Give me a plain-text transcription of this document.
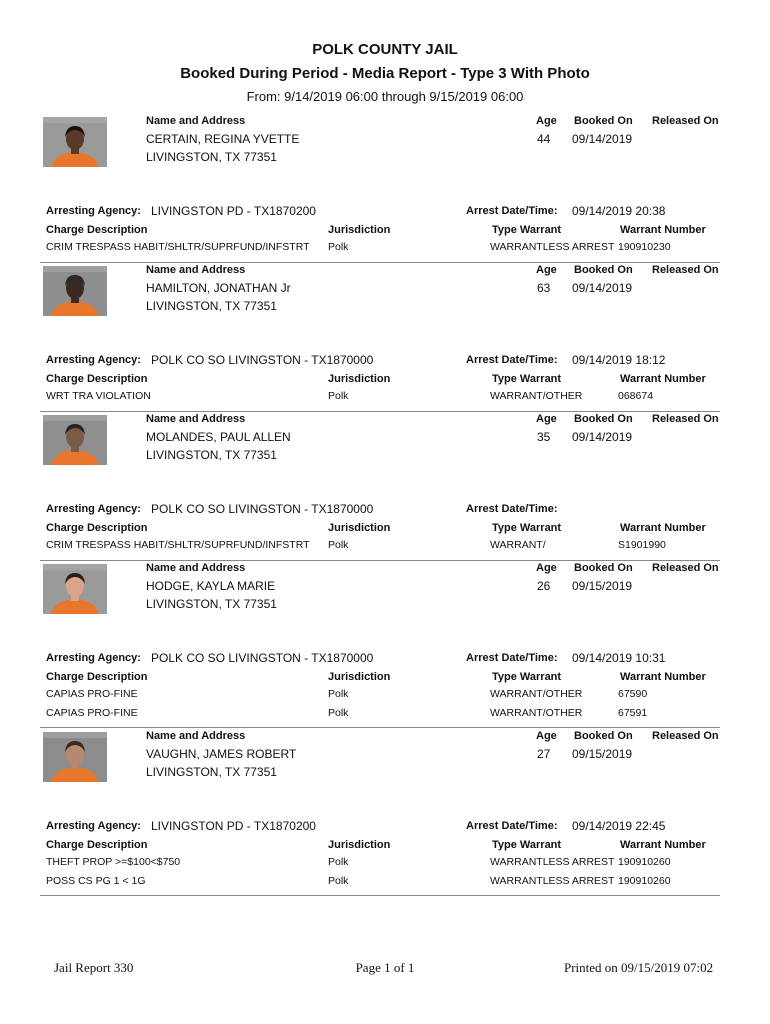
POLK COUNTY JAIL
Booked During Period - Media Report - Type 3 With Photo
From: 9/14/2019 06:00 through 9/15/2019 06:00
Name and Address	Age Booked On Released On
CERTAIN, REGINA YVETTE
LIVINGSTON, TX 77351
44 09/14/2019
Arresting Agency: LIVINGSTON PD - TX1870200	Arrest Date/Time: 09/14/2019 20:38
Charge Description	Jurisdiction	Type Warrant	Warrant Number
CRIM TRESPASS HABIT/SHLTR/SUPRFUND/INFSTRT Polk	WARRANTLESS ARREST 190910230
Name and Address	Age Booked On Released On
HAMILTON, JONATHAN Jr
LIVINGSTON, TX 77351
63 09/14/2019
Arresting Agency: POLK CO SO LIVINGSTON - TX1870000	Arrest Date/Time: 09/14/2019 18:12
Charge Description	Jurisdiction	Type Warrant	Warrant Number
WRT TRA VIOLATION	Polk	WARRANT/OTHER	068674
Name and Address	Age Booked On Released On
MOLANDES, PAUL ALLEN
LIVINGSTON, TX 77351
35 09/14/2019
Arresting Agency: POLK CO SO LIVINGSTON - TX1870000	Arrest Date/Time:
Charge Description	Jurisdiction	Type Warrant	Warrant Number
CRIM TRESPASS HABIT/SHLTR/SUPRFUND/INFSTRT Polk	WARRANT/	S1901990
Name and Address	Age Booked On Released On
HODGE, KAYLA MARIE
LIVINGSTON, TX 77351
26 09/15/2019
Arresting Agency: POLK CO SO LIVINGSTON - TX1870000	Arrest Date/Time: 09/14/2019 10:31
Charge Description	Jurisdiction	Type Warrant	Warrant Number
CAPIAS PRO-FINE	Polk	WARRANT/OTHER	67590
CAPIAS PRO-FINE	Polk	WARRANT/OTHER	67591
Name and Address	Age Booked On Released On
VAUGHN, JAMES ROBERT
LIVINGSTON, TX 77351
27 09/15/2019
Arresting Agency: LIVINGSTON PD - TX1870200	Arrest Date/Time: 09/14/2019 22:45
Charge Description	Jurisdiction	Type Warrant	Warrant Number
THEFT PROP >=$100<$750	Polk	WARRANTLESS ARREST 190910260
POSS CS PG 1 < 1G	Polk	WARRANTLESS ARREST 190910260
Jail Report 330	Page 1 of 1	Printed on 09/15/2019 07:02
